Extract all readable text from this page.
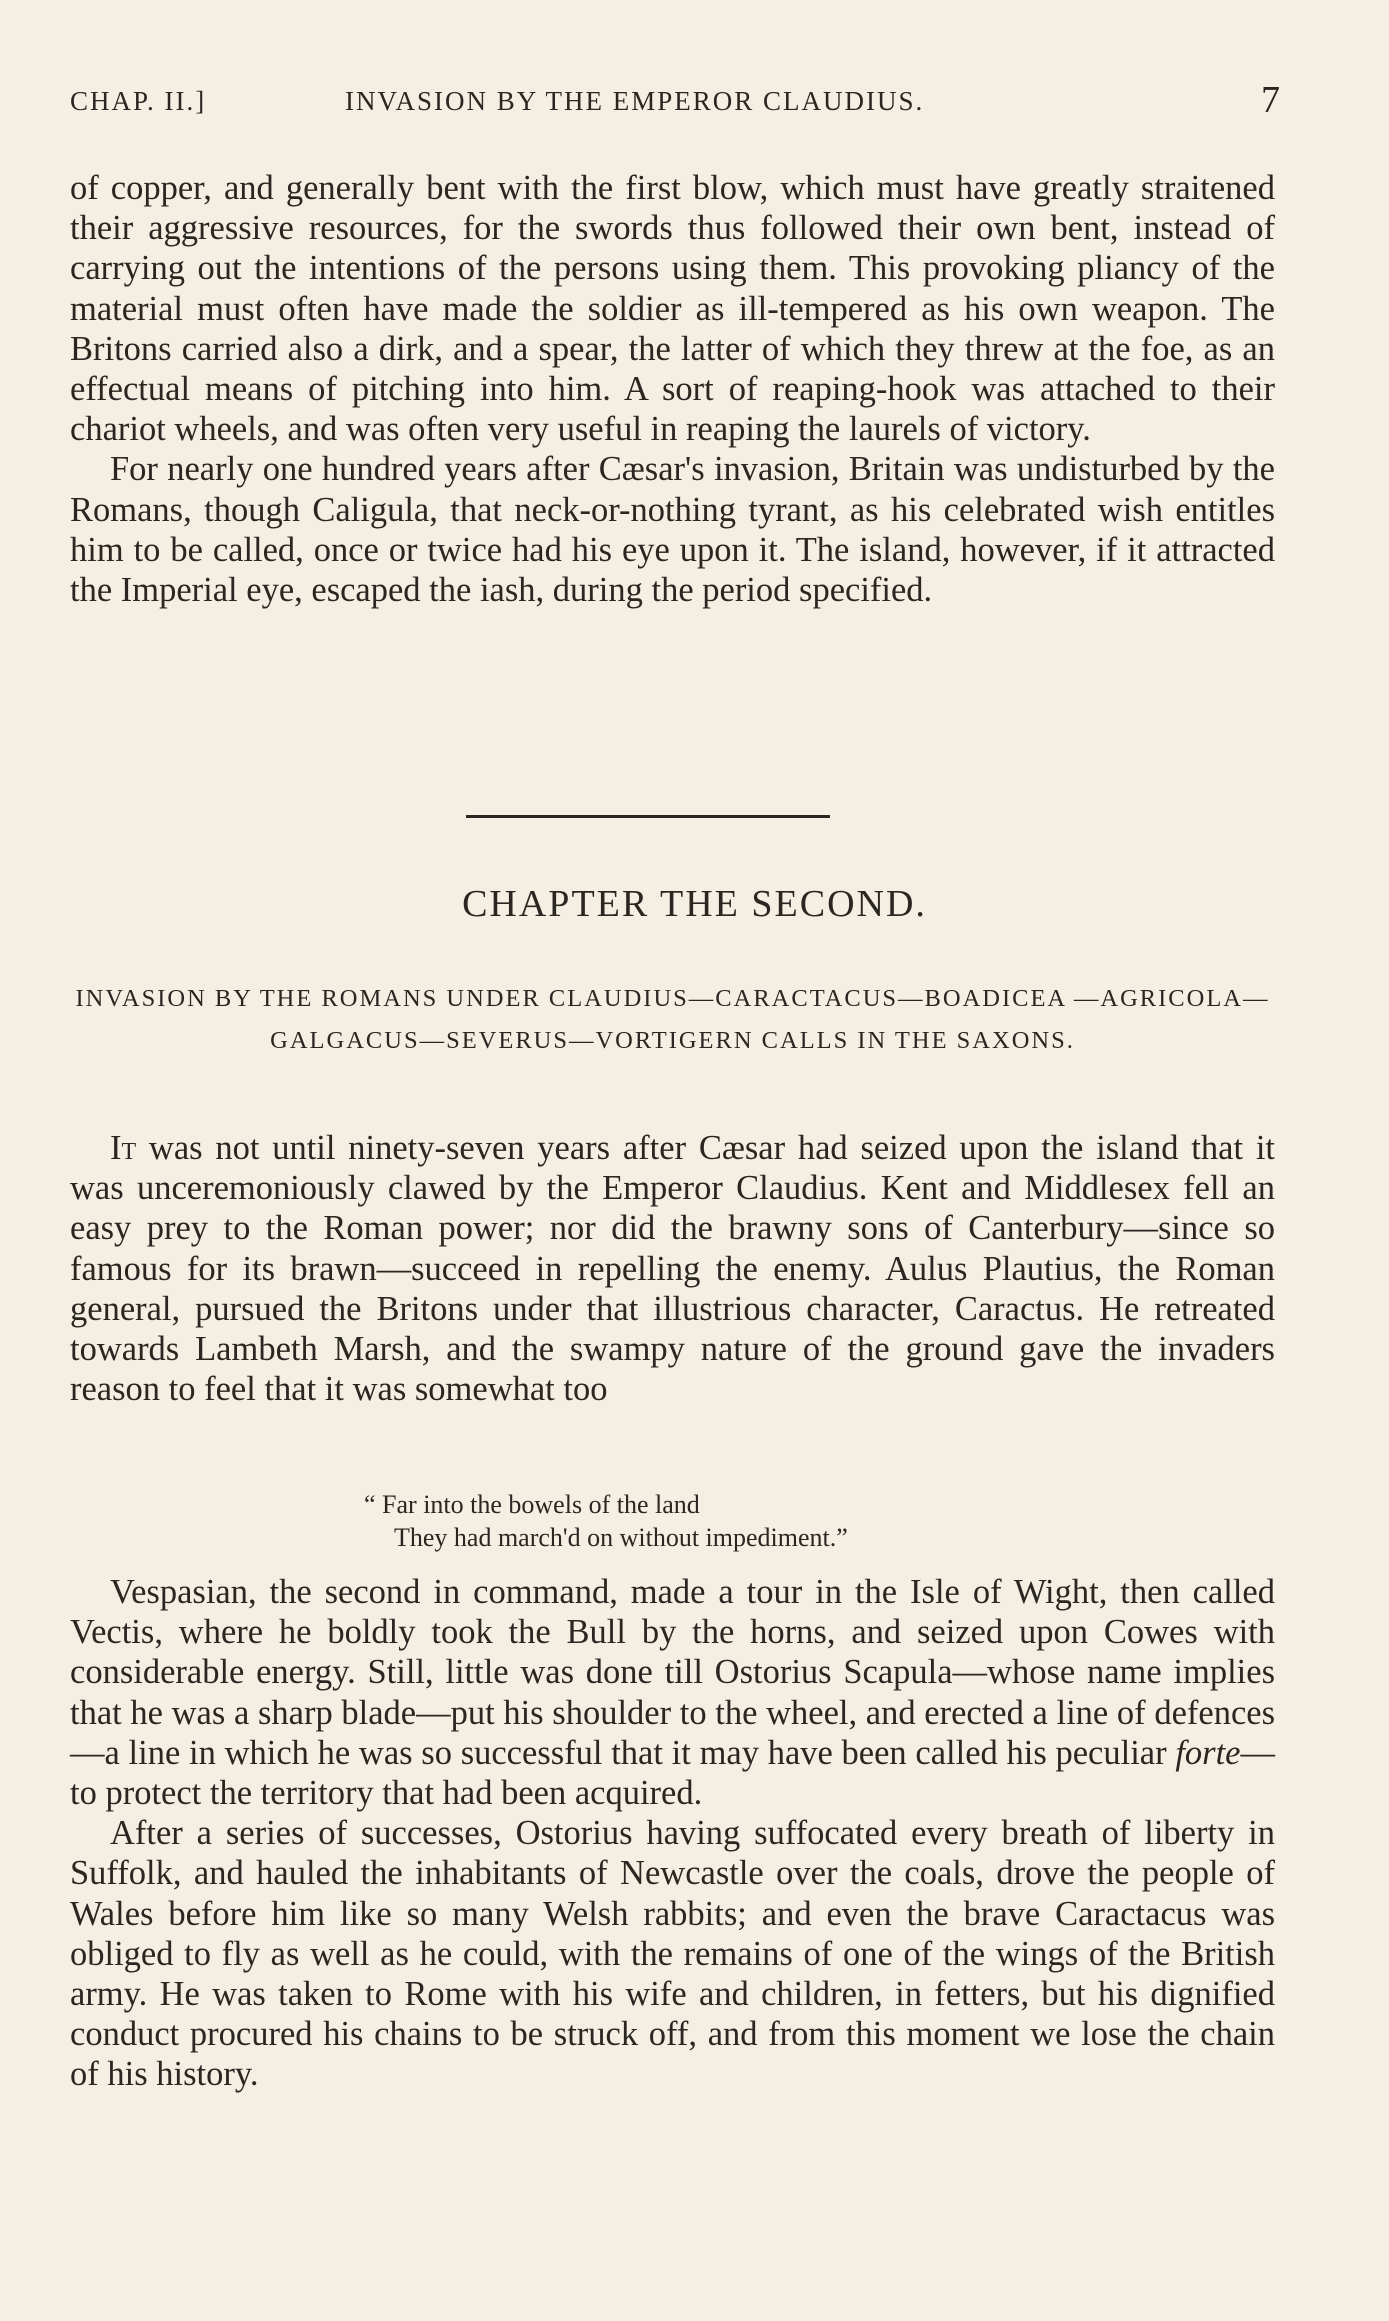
CHAP. II.]	INVASION BY THE EMPEROR CLAUDIUS.	7

of copper, and generally bent with the first blow, which must have greatly straitened their aggressive resources, for the swords thus followed their own bent, instead of carrying out the intentions of the persons using them. This provoking pliancy of the material must often have made the soldier as ill-tempered as his own weapon. The Britons carried also a dirk, and a spear, the latter of which they threw at the foe, as an effectual means of pitching into him. A sort of reaping-hook was attached to their chariot wheels, and was often very useful in reaping the laurels of victory.

For nearly one hundred years after Cæsar's invasion, Britain was undisturbed by the Romans, though Caligula, that neck-or-nothing tyrant, as his celebrated wish entitles him to be called, once or twice had his eye upon it. The island, however, if it attracted the Imperial eye, escaped the iash, during the period specified.

CHAPTER THE SECOND.
INVASION BY THE ROMANS UNDER CLAUDIUS—CARACTACUS—BOADICEA —AGRICOLA—GALGACUS—SEVERUS—VORTIGERN CALLS IN THE SAXONS.

It was not until ninety-seven years after Cæsar had seized upon the island that it was unceremoniously clawed by the Emperor Claudius. Kent and Middlesex fell an easy prey to the Roman power; nor did the brawny sons of Canterbury—since so famous for its brawn—succeed in repelling the enemy. Aulus Plautius, the Roman general, pursued the Britons under that illustrious character, Caractus. He retreated towards Lambeth Marsh, and the swampy nature of the ground gave the invaders reason to feel that it was somewhat too

“ Far into the bowels of the land

They had march'd on without impediment.”

Vespasian, the second in command, made a tour in the Isle of Wight, then called Vectis, where he boldly took the Bull by the horns, and seized upon Cowes with considerable energy. Still, little was done till Ostorius Scapula—whose name implies that he was a sharp blade—put his shoulder to the wheel, and erected a line of defences—a line in which he was so successful that it may have been called his peculiar forte—to protect the territory that had been acquired.

After a series of successes, Ostorius having suffocated every breath of liberty in Suffolk, and hauled the inhabitants of Newcastle over the coals, drove the people of Wales before him like so many Welsh rabbits; and even the brave Caractacus was obliged to fly as well as he could, with the remains of one of the wings of the British army. He was taken to Rome with his wife and children, in fetters, but his dignified conduct procured his chains to be struck off, and from this moment we lose the chain of his history.
